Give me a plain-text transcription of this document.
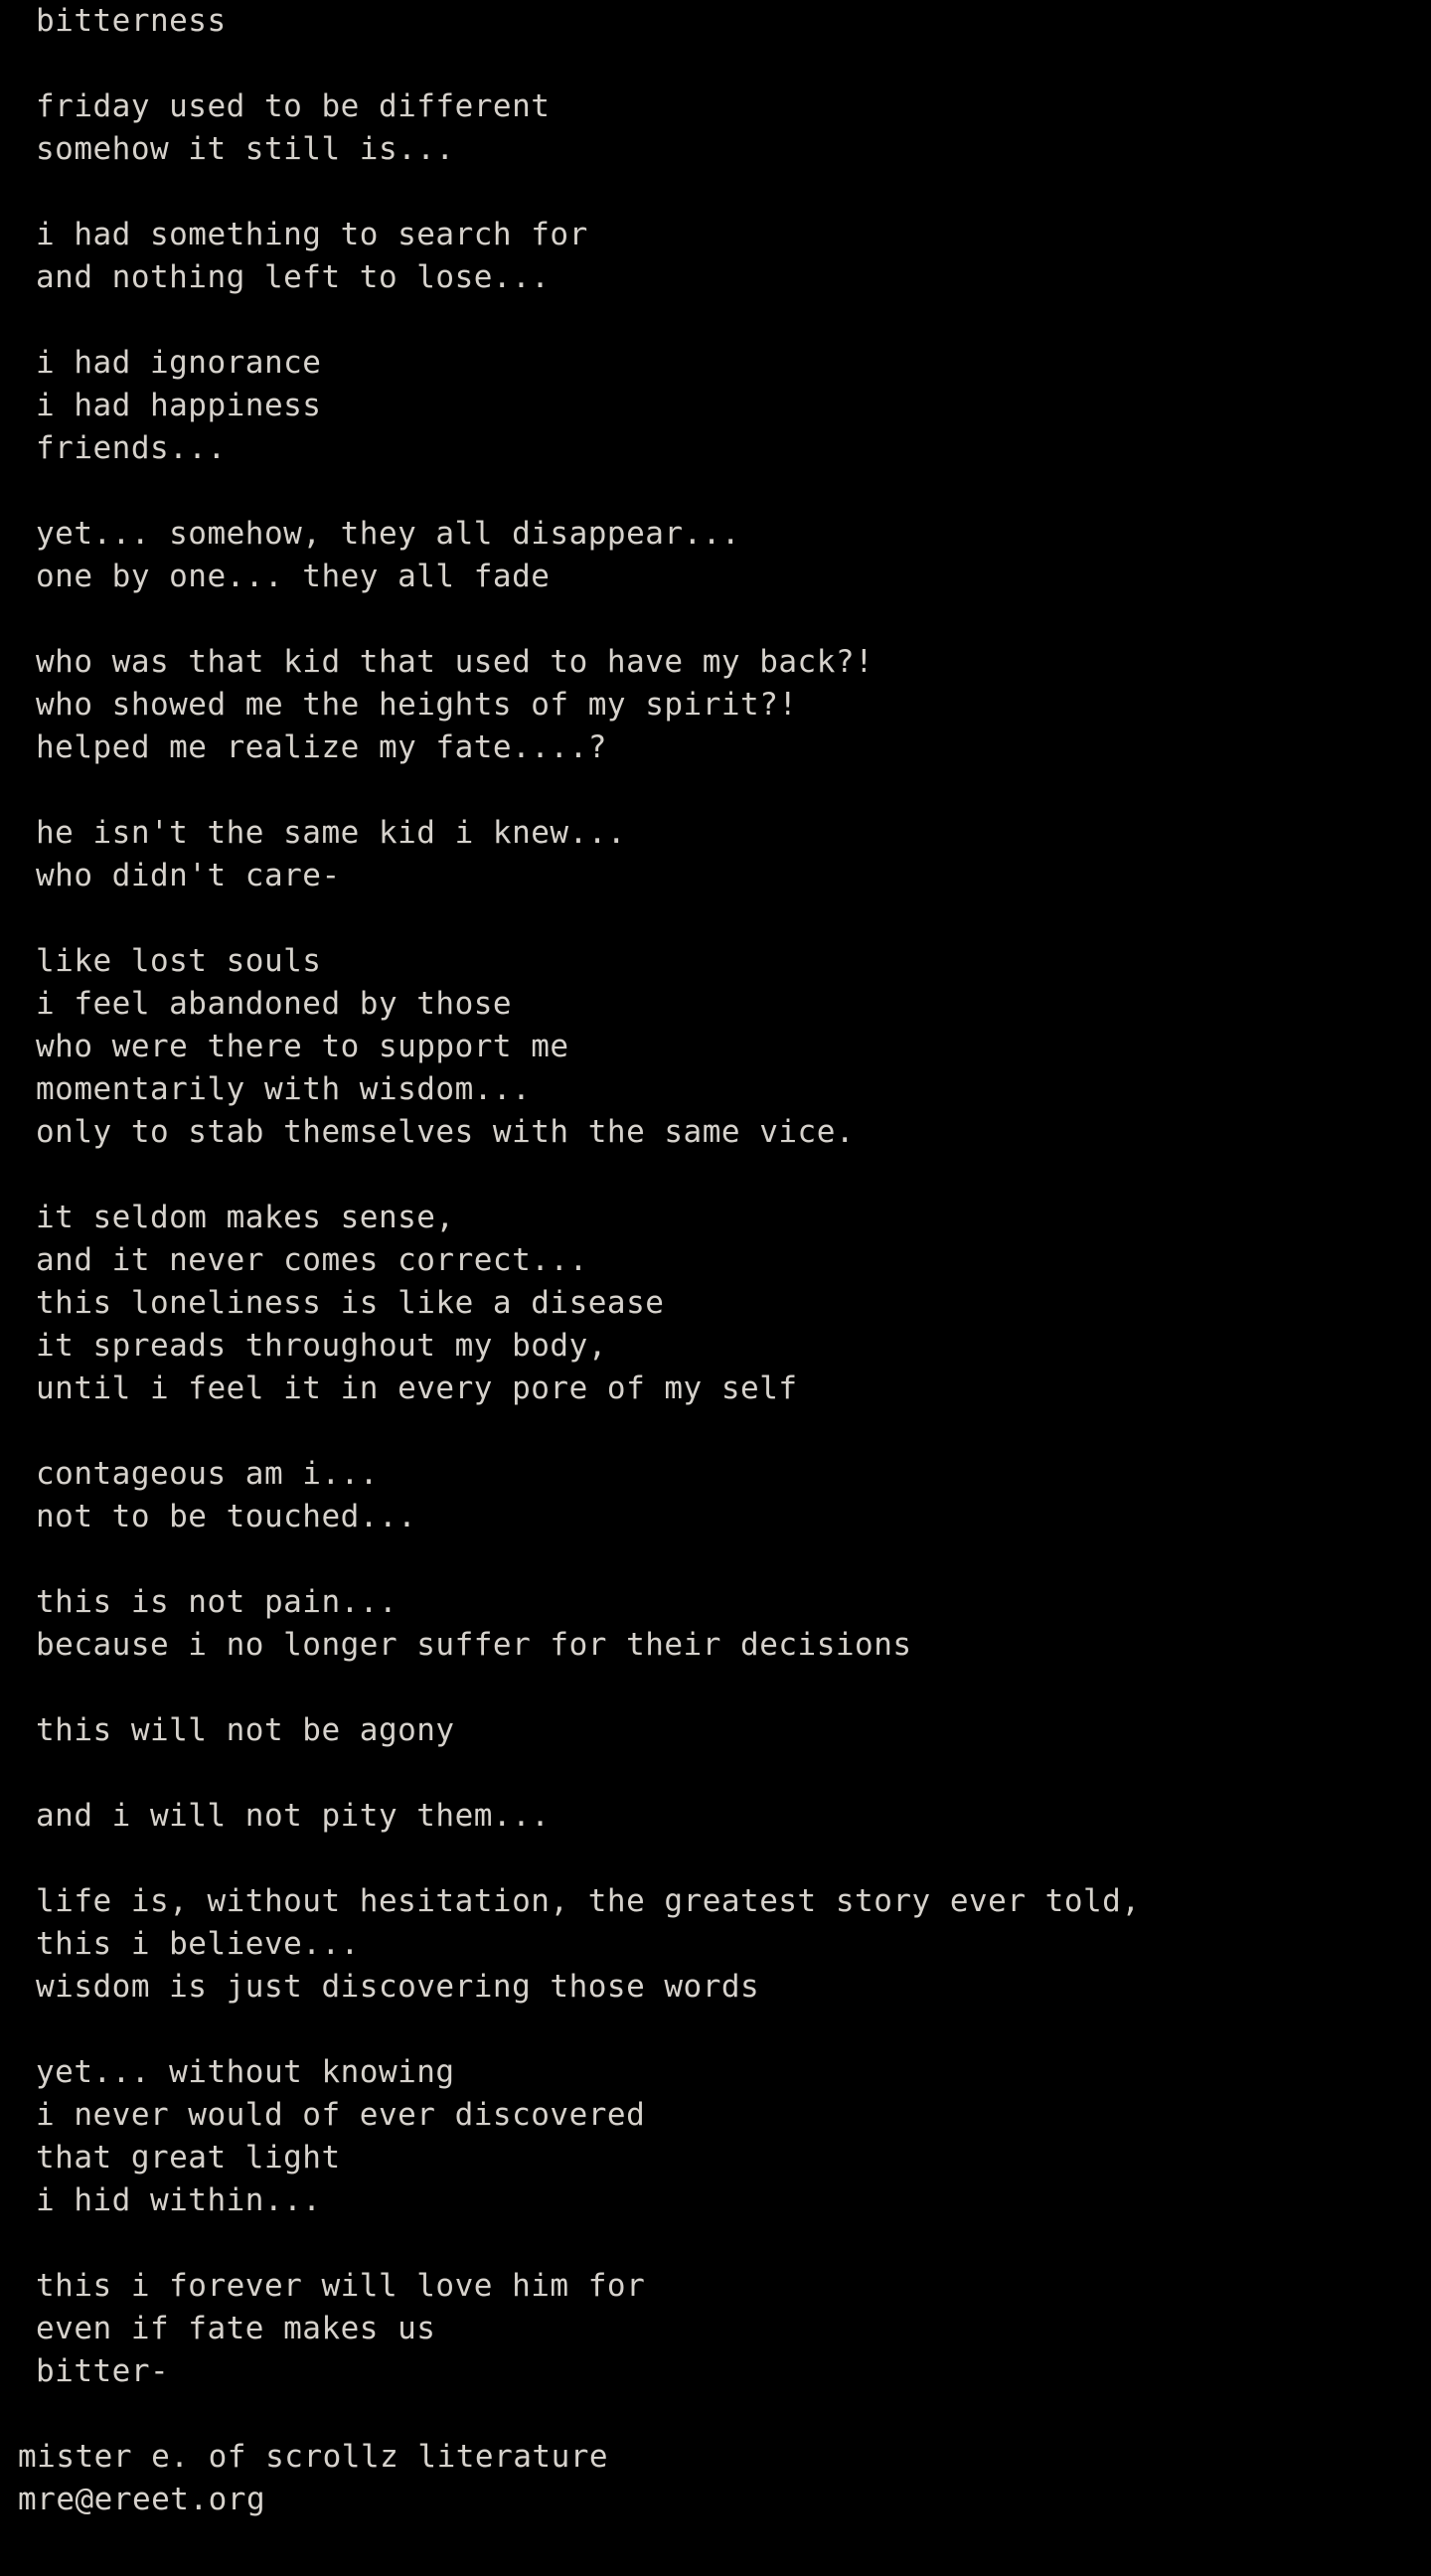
bitterness
friday used to be different
somehow it still is...
i had something to search for
and nothing left to lose...
i had ignorance
i had happiness
friends...
yet... somehow, they all disappear...
one by one... they all fade
who was that kid that used to have my back?!
who showed me the heights of my spirit?!
helped me realize my fate....?
he isn't the same kid i knew...
who didn't care-
like lost souls
i feel abandoned by those
who were there to support me
momentarily with wisdom...
only to stab themselves with the same vice.
it seldom makes sense,
and it never comes correct...
this loneliness is like a disease
it spreads throughout my body,
until i feel it in every pore of my self
contageous am i...
not to be touched...
this is not pain...
because i no longer suffer for their decisions
this will not be agony
and i will not pity them...
life is, without hesitation, the greatest story ever told,
this i believe...
wisdom is just discovering those words
yet... without knowing
i never would of ever discovered
that great light
i hid within...
this i forever will love him for
even if fate makes us
bitter-
mister e. of scrollz literature
mre@ereet.org
